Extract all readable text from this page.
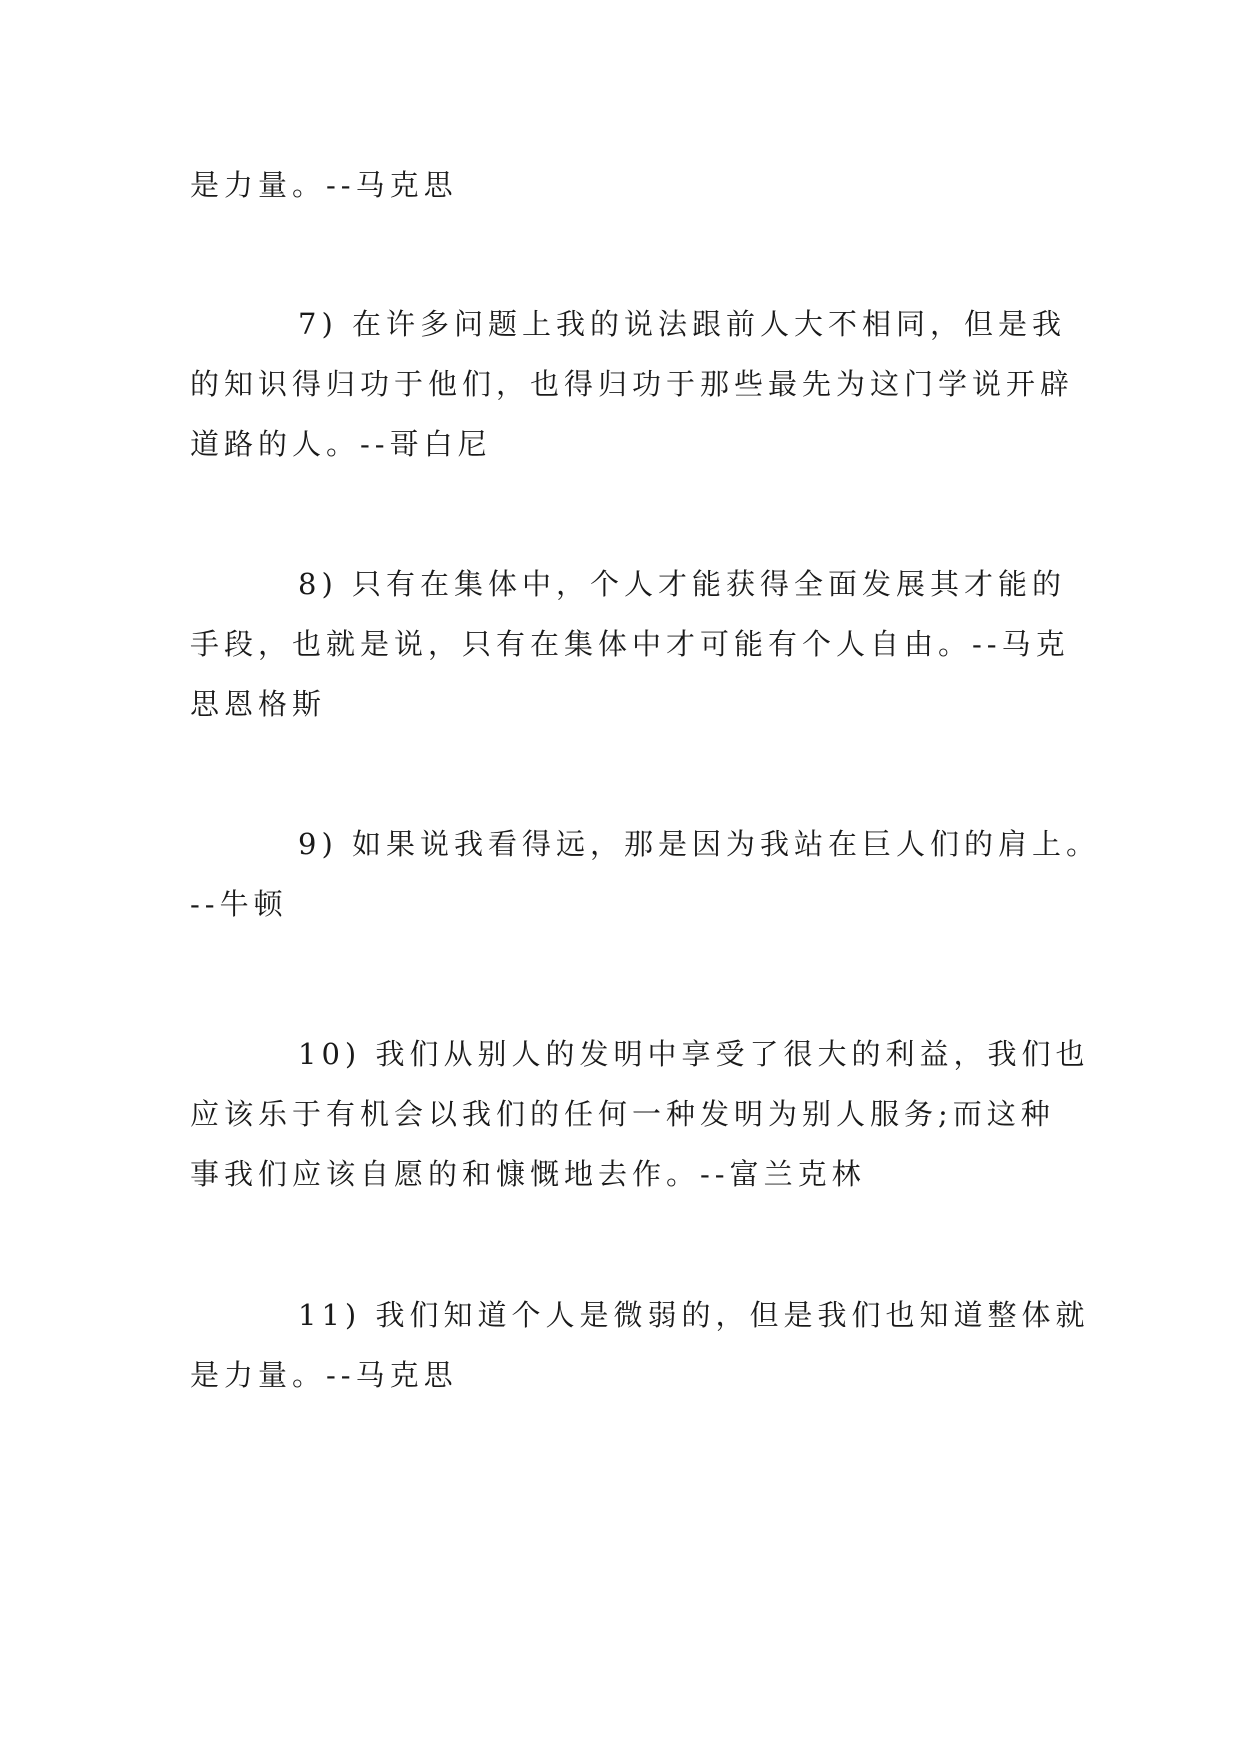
是力量。--马克思
7) 在许多问题上我的说法跟前人大不相同，但是我
的知识得归功于他们，也得归功于那些最先为这门学说开辟
道路的人。--哥白尼
8) 只有在集体中，个人才能获得全面发展其才能的
手段，也就是说，只有在集体中才可能有个人自由。--马克
思恩格斯
9) 如果说我看得远，那是因为我站在巨人们的肩上。
--牛顿
10) 我们从别人的发明中享受了很大的利益，我们也
应该乐于有机会以我们的任何一种发明为别人服务;而这种
事我们应该自愿的和慷慨地去作。--富兰克林
11) 我们知道个人是微弱的，但是我们也知道整体就
是力量。--马克思
